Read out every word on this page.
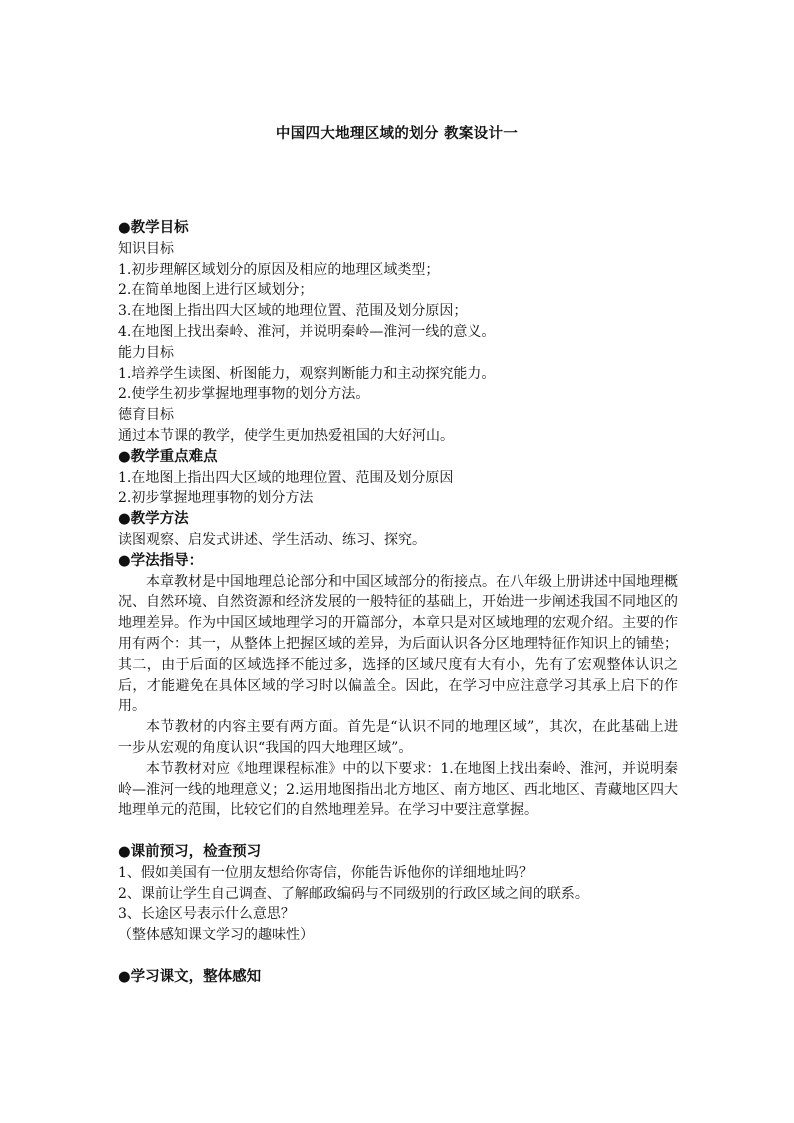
中国四大地理区域的划分 教案设计一

●教学目标

知识目标

1.初步理解区域划分的原因及相应的地理区域类型；

2.在简单地图上进行区域划分；

3.在地图上指出四大区域的地理位置、范围及划分原因；

4.在地图上找出秦岭、淮河，并说明秦岭—淮河一线的意义。

能力目标

1.培养学生读图、析图能力，观察判断能力和主动探究能力。

2.使学生初步掌握地理事物的划分方法。

德育目标

通过本节课的教学，使学生更加热爱祖国的大好河山。

●教学重点难点

1.在地图上指出四大区域的地理位置、范围及划分原因

2.初步掌握地理事物的划分方法

●教学方法

读图观察、启发式讲述、学生活动、练习、探究。

●学法指导：

本章教材是中国地理总论部分和中国区域部分的衔接点。在八年级上册讲述中国地理概况、自然环境、自然资源和经济发展的一般特征的基础上，开始进一步阐述我国不同地区的地理差异。作为中国区域地理学习的开篇部分，本章只是对区域地理的宏观介绍。主要的作用有两个：其一，从整体上把握区域的差异，为后面认识各分区地理特征作知识上的铺垫；其二，由于后面的区域选择不能过多，选择的区域尺度有大有小，先有了宏观整体认识之后，才能避免在具体区域的学习时以偏盖全。因此，在学习中应注意学习其承上启下的作用。

本节教材的内容主要有两方面。首先是“认识不同的地理区域”，其次，在此基础上进一步从宏观的角度认识“我国的四大地理区域”。

本节教材对应《地理课程标准》中的以下要求：1.在地图上找出秦岭、淮河，并说明秦岭—淮河一线的地理意义；2.运用地图指出北方地区、南方地区、西北地区、青藏地区四大地理单元的范围，比较它们的自然地理差异。在学习中要注意掌握。

●课前预习，检查预习

1、假如美国有一位朋友想给你寄信，你能告诉他你的详细地址吗？

2、课前让学生自己调查、了解邮政编码与不同级别的行政区域之间的联系。

3、长途区号表示什么意思？

（整体感知课文学习的趣味性）

●学习课文，整体感知
